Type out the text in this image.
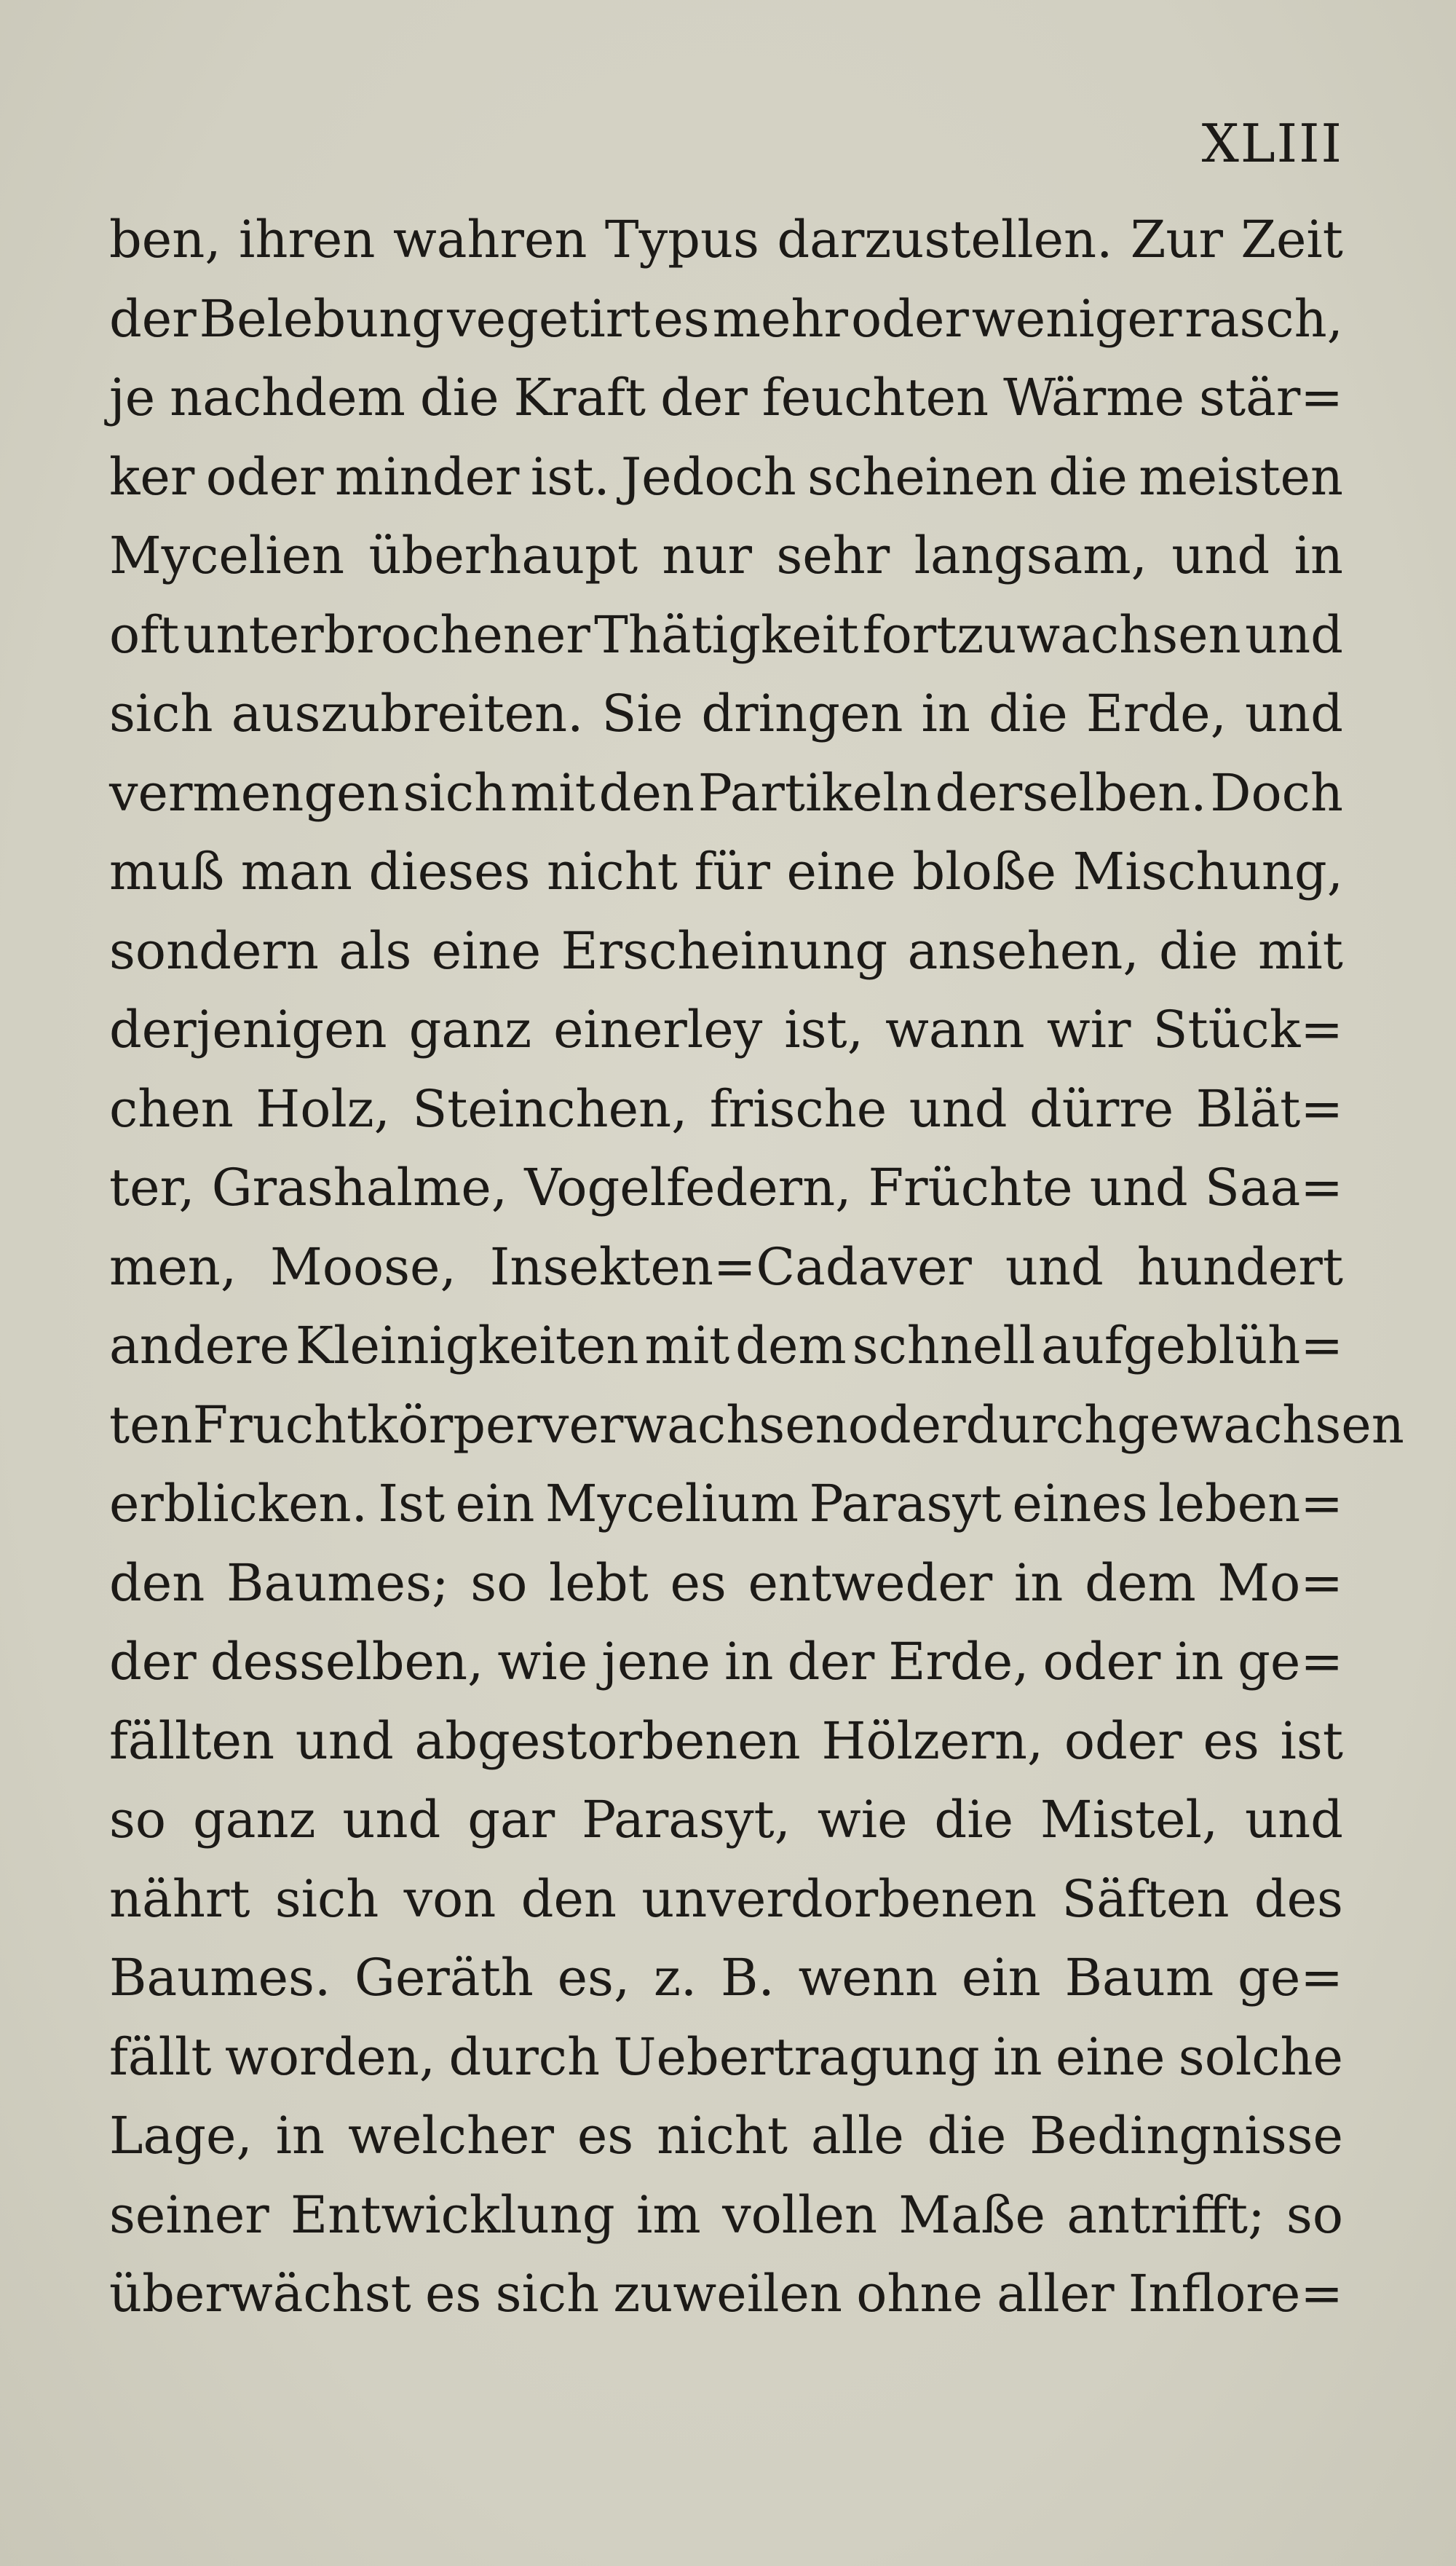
XLIII
ben, ihren wahren Typus darzustellen. Zur Zeit
der Belebung vegetirt es mehr oder weniger rasch,
je nachdem die Kraft der feuchten Wärme stär=
ker oder minder ist. Jedoch scheinen die meisten
Mycelien überhaupt nur sehr langsam, und in
oft unterbrochener Thätigkeit fortzuwachsen und
sich auszubreiten. Sie dringen in die Erde, und
vermengen sich mit den Partikeln derselben. Doch
muß man dieses nicht für eine bloße Mischung,
sondern als eine Erscheinung ansehen, die mit
derjenigen ganz einerley ist, wann wir Stück=
chen Holz, Steinchen, frische und dürre Blät=
ter, Grashalme, Vogelfedern, Früchte und Saa=
men, Moose, Insekten=Cadaver und hundert
andere Kleinigkeiten mit dem schnell aufgeblüh=
ten Fruchtkörper verwachsen oder durchgewachsen
erblicken. Ist ein Mycelium Parasyt eines leben=
den Baumes; so lebt es entweder in dem Mo=
der desselben, wie jene in der Erde, oder in ge=
fällten und abgestorbenen Hölzern, oder es ist
so ganz und gar Parasyt, wie die Mistel, und
nährt sich von den unverdorbenen Säften des
Baumes. Geräth es, z. B. wenn ein Baum ge=
fällt worden, durch Uebertragung in eine solche
Lage, in welcher es nicht alle die Bedingnisse
seiner Entwicklung im vollen Maße antrifft; so
überwächst es sich zuweilen ohne aller Inflore=
